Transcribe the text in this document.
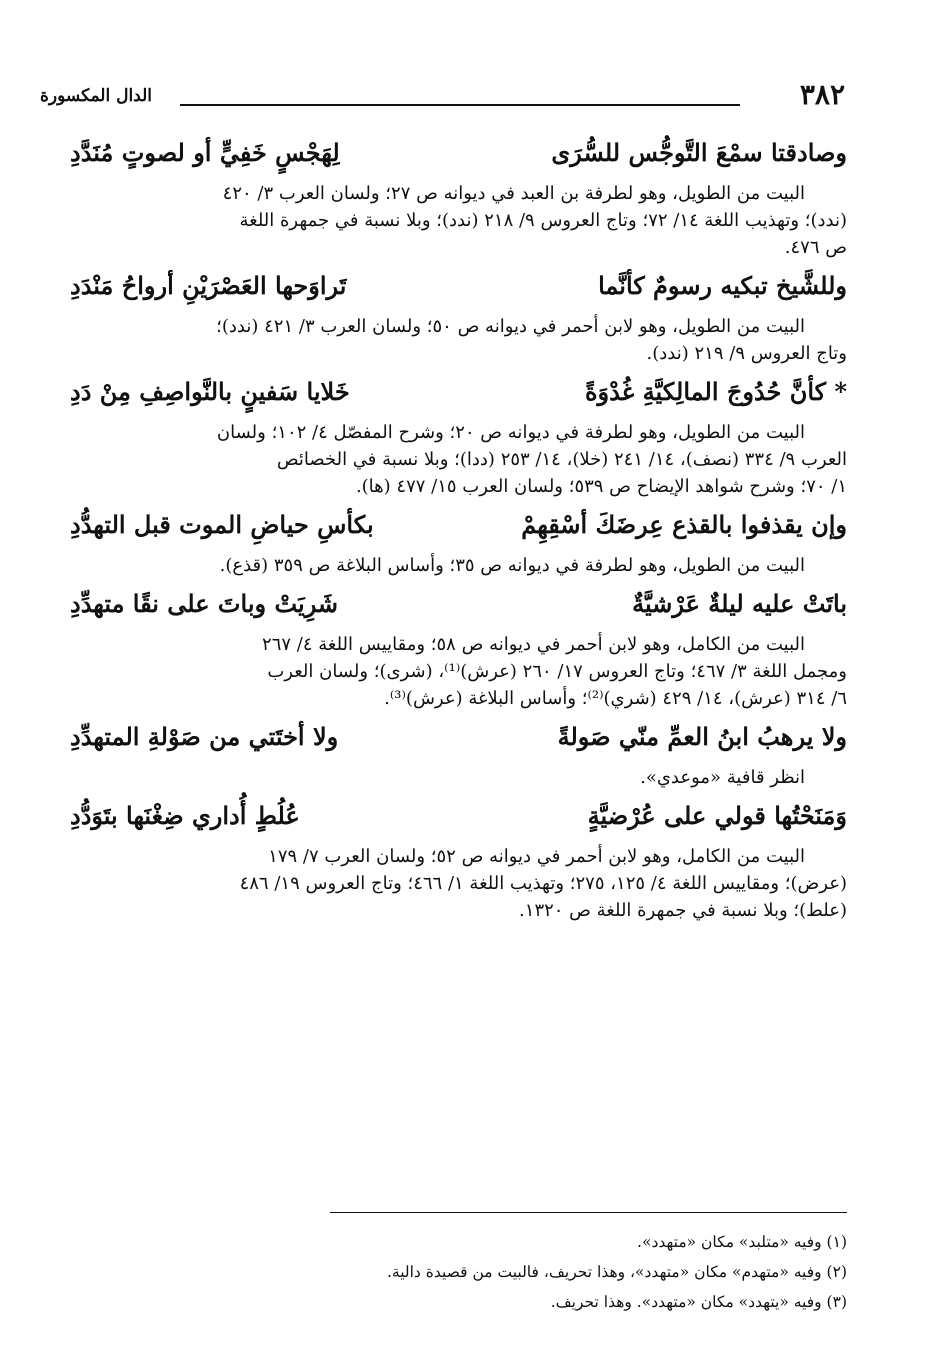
٣٨٢
الدال المكسورة
وصادقتا سمْعَ التَّوجُّس للسُّرَى
لِهَجْسٍ خَفِيٍّ أو لصوتٍ مُنَدَّدِ

البيت من الطويل، وهو لطرفة بن العبد في ديوانه ص ٢٧؛ ولسان العرب ٣/ ٤٢٠

(ندد)؛ وتهذيب اللغة ١٤/ ٧٢؛ وتاج العروس ٩/ ٢١٨ (ندد)؛ وبلا نسبة في جمهرة اللغة

ص ٤٧٦.

وللشَّيخ تبكيه رسومٌ كأنَّما
تَراوَحها العَصْرَيْنِ أرواحُ مَنْدَدِ

البيت من الطويل، وهو لابن أحمر في ديوانه ص ٥٠؛ ولسان العرب ٣/ ٤٢١ (ندد)؛

وتاج العروس ٩/ ٢١٩ (ندد).

* كأنَّ حُدُوجَ المالِكيَّةِ غُدْوَةً
خَلايا سَفينٍ بالنَّواصِفِ مِنْ دَدِ

البيت من الطويل، وهو لطرفة في ديوانه ص ٢٠؛ وشرح المفصّل ٤/ ١٠٢؛ ولسان

العرب ٩/ ٣٣٤ (نصف)، ١٤/ ٢٤١ (خلا)، ١٤/ ٢٥٣ (ددا)؛ وبلا نسبة في الخصائص

١/ ٧٠؛ وشرح شواهد الإيضاح ص ٥٣٩؛ ولسان العرب ١٥/ ٤٧٧ (ها).

وإن يقذفوا بالقذع عِرضَكَ أسْقِهِمْ
بكأسِ حياضِ الموت قبل التهدُّدِ

البيت من الطويل، وهو لطرفة في ديوانه ص ٣٥؛ وأساس البلاغة ص ٣٥٩ (قذع).

باتَتْ عليه ليلةٌ عَرْشيَّةٌ
شَرِيَتْ وباتَ على نقًا متهدِّدِ

البيت من الكامل، وهو لابن أحمر في ديوانه ص ٥٨؛ ومقاييس اللغة ٤/ ٢٦٧

ومجمل اللغة ٣/ ٤٦٧؛ وتاج العروس ١٧/ ٢٦٠ (عرش)⁽¹⁾، (شرى)؛ ولسان العرب

٦/ ٣١٤ (عرش)، ١٤/ ٤٢٩ (شري)⁽²⁾؛ وأساس البلاغة (عرش)⁽³⁾.

ولا يرهبُ ابنُ العمِّ منّي صَولةً
ولا أختَتي من صَوْلةِ المتهدِّدِ

انظر قافية «موعدي».

وَمَنَحْتُها قولي على عُرْضيَّةٍ
عُلُطٍ أُداري ضِغْنَها بتَوَدُّدِ

البيت من الكامل، وهو لابن أحمر في ديوانه ص ٥٢؛ ولسان العرب ٧/ ١٧٩

(عرض)؛ ومقاييس اللغة ٤/ ١٢٥، ٢٧٥؛ وتهذيب اللغة ١/ ٤٦٦؛ وتاج العروس ١٩/ ٤٨٦

(علط)؛ وبلا نسبة في جمهرة اللغة ص ١٣٢٠.

(١) وفيه «متلبد» مكان «متهدد».
(٢) وفيه «متهدم» مكان «متهدد»، وهذا تحريف، فالبيت من قصيدة دالية.
(٣) وفيه «يتهدد» مكان «متهدد». وهذا تحريف.
